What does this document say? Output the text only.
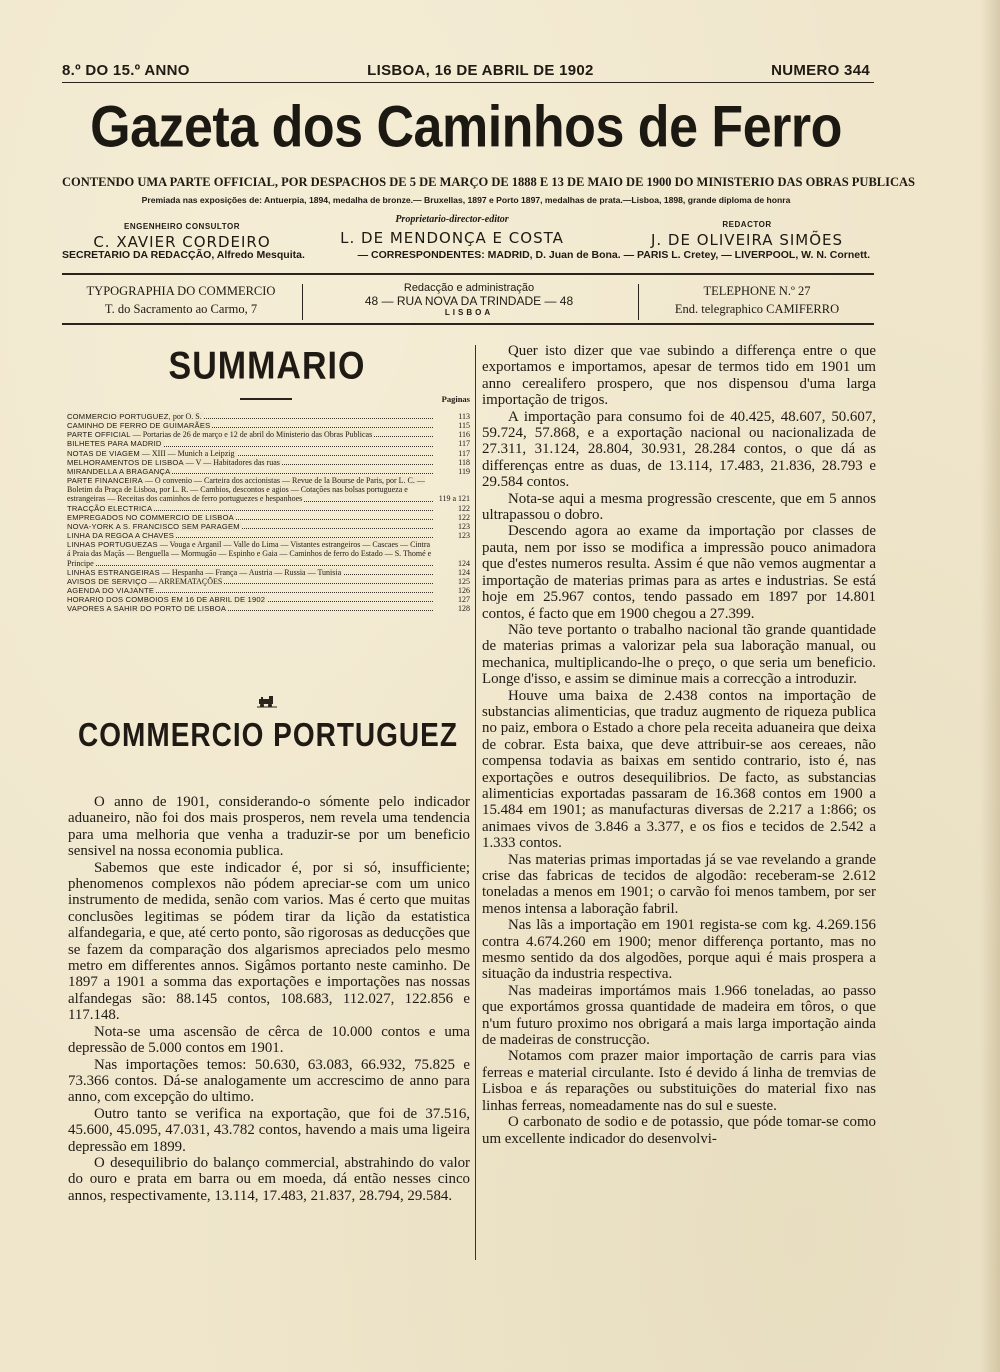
8.º DO 15.º ANNO	LISBOA, 16 DE ABRIL DE 1902	NUMERO 344
Gazeta dos Caminhos de Ferro
CONTENDO UMA PARTE OFFICIAL, POR DESPACHOS DE 5 DE MARÇO DE 1888 E 13 DE MAIO DE 1900 DO MINISTERIO DAS OBRAS PUBLICAS
Premiada nas exposições de: Antuerpia, 1894, medalha de bronze.— Bruxellas, 1897 e Porto 1897, medalhas de prata.—Lisboa, 1898, grande diploma de honra
ENGENHEIRO CONSULTOR
C. XAVIER CORDEIRO
Proprietario-director-editor
L. DE MENDONÇA E COSTA
REDACTOR
J. DE OLIVEIRA SIMÕES
SECRETARIO DA REDACÇÃO, Alfredo Mesquita.	— CORRESPONDENTES: MADRID, D. Juan de Bona. — PARIS L. Cretey, — LIVERPOOL, W. N. Cornett.
TYPOGRAPHIA DO COMMERCIO
T. do Sacramento ao Carmo, 7
Redacção e administração
48 — RUA NOVA DA TRINDADE — 48
LISBOA
TELEPHONE N.º 27
End. telegraphico CAMIFERRO
SUMMARIO
Paginas
COMMERCIO PORTUGUEZ, por O. S.	113
CAMINHO DE FERRO DE GUIMARÃES	115
PARTE OFFICIAL — Portarias de 26 de março e 12 de abril do Ministerio das Obras Publicas	116
BILHETES PARA MADRID	117
NOTAS DE VIAGEM — XIII — Munich a Leipzig	117
MELHORAMENTOS DE LISBOA — V — Habitadores das ruas	118
MIRANDELLA A BRAGANÇA	119
PARTE FINANCEIRA — O convenio — Carteira dos accionistas — Revue de la Bourse de Paris, por L. C. — Boletim da Praça de Lisboa, por L. R. — Cambios, descontos e agios — Cotações nas bolsas portugueza e estrangeiras — Receitas dos caminhos de ferro portuguezes e hespanhoes	119 a 121
TRACÇÃO ELECTRICA	122
EMPREGADOS NO COMMERCIO DE LISBOA	122
NOVA-YORK A S. FRANCISCO SEM PARAGEM	123
LINHA DA REGOA A CHAVES	123
LINHAS PORTUGUEZAS — Vouga e Arganil — Valle do Lima — Vistantes estrangeiros — Cascaes — Cintra á Praia das Maçãs — Benguella — Mormugão — Espinho e Gaia — Caminhos de ferro do Estado — S. Thomé e Principe	124
LINHAS ESTRANGEIRAS — Hespanha — França — Austria — Russia — Tunisia	124
AVISOS DE SERVIÇO — ARREMATAÇÕES	125
AGENDA DO VIAJANTE	126
HORARIO DOS COMBOIOS EM 16 DE ABRIL DE 1902	127
VAPORES A SAHIR DO PORTO DE LISBOA	128
COMMERCIO PORTUGUEZ

O anno de 1901, considerando-o sómente pelo indicador aduaneiro, não foi dos mais prosperos, nem revela uma tendencia para uma melhoria que venha a traduzir-se por um beneficio sensivel na nossa economia publica.

Sabemos que este indicador é, por si só, insufficiente; phenomenos complexos não pódem apreciar-se com um unico instrumento de medida, senão com varios. Mas é certo que muitas conclusões legitimas se pódem tirar da lição da estatistica alfandegaria, e que, até certo ponto, são rigorosas as deducções que se fazem da comparação dos algarismos apreciados pelo mesmo metro em differentes annos. Sigâmos portanto neste caminho. De 1897 a 1901 a somma das exportações e importações nas nossas alfandegas são: 88.145 contos, 108.683, 112.027, 122.856 e 117.148.

Nota-se uma ascensão de cêrca de 10.000 contos e uma depressão de 5.000 contos em 1901.

Nas importações temos: 50.630, 63.083, 66.932, 75.825 e 73.366 contos. Dá-se analogamente um accrescimo de anno para anno, com excepção do ultimo.

Outro tanto se verifica na exportação, que foi de 37.516, 45.600, 45.095, 47.031, 43.782 contos, havendo a mais uma ligeira depressão em 1899.

O desequilibrio do balanço commercial, abstrahindo do valor do ouro e prata em barra ou em moeda, dá então nesses cinco annos, respectivamente, 13.114, 17.483, 21.837, 28.794, 29.584.

Quer isto dizer que vae subindo a differença entre o que exportamos e importamos, apesar de termos tido em 1901 um anno cerealifero prospero, que nos dispensou d'uma larga importação de trigos.

A importação para consumo foi de 40.425, 48.607, 50.607, 59.724, 57.868, e a exportação nacional ou nacionalizada de 27.311, 31.124, 28.804, 30.931, 28.284 contos, o que dá as differenças entre as duas, de 13.114, 17.483, 21.836, 28.793 e 29.584 contos.

Nota-se aqui a mesma progressão crescente, que em 5 annos ultrapassou o dobro.

Descendo agora ao exame da importação por classes de pauta, nem por isso se modifica a impressão pouco animadora que d'estes numeros resulta. Assim é que não vemos augmentar a importação de materias primas para as artes e industrias. Se está hoje em 25.967 contos, tendo passado em 1897 por 14.801 contos, é facto que em 1900 chegou a 27.399.

Não teve portanto o trabalho nacional tão grande quantidade de materias primas a valorizar pela sua laboração manual, ou mechanica, multiplicando-lhe o preço, o que seria um beneficio. Longe d'isso, e assim se diminue mais a correcção a introduzir.

Houve uma baixa de 2.438 contos na importação de substancias alimenticias, que traduz augmento de riqueza publica no paiz, embora o Estado a chore pela receita aduaneira que deixa de cobrar. Esta baixa, que deve attribuir-se aos cereaes, não compensa todavia as baixas em sentido contrario, isto é, nas exportações e outros desequilibrios. De facto, as substancias alimenticias exportadas passaram de 16.368 contos em 1900 a 15.484 em 1901; as manufacturas diversas de 2.217 a 1:866; os animaes vivos de 3.846 a 3.377, e os fios e tecidos de 2.542 a 1.333 contos.

Nas materias primas importadas já se vae revelando a grande crise das fabricas de tecidos de algodão: receberam-se 2.612 toneladas a menos em 1901; o carvão foi menos tambem, por ser menos intensa a laboração fabril.

Nas lãs a importação em 1901 regista-se com kg. 4.269.156 contra 4.674.260 em 1900; menor differença portanto, mas no mesmo sentido da dos algodões, porque aqui é mais prospera a situação da industria respectiva.

Nas madeiras importámos mais 1.966 toneladas, ao passo que exportámos grossa quantidade de madeira em tôros, o que n'um futuro proximo nos obrigará a mais larga importação ainda de madeiras de construcção.

Notamos com prazer maior importação de carris para vias ferreas e material circulante. Isto é devido á linha de tremvias de Lisboa e ás reparações ou substituições do material fixo nas linhas ferreas, nomeadamente nas do sul e sueste.

O carbonato de sodio e de potassio, que póde tomar-se como um excellente indicador do desenvolvi-
